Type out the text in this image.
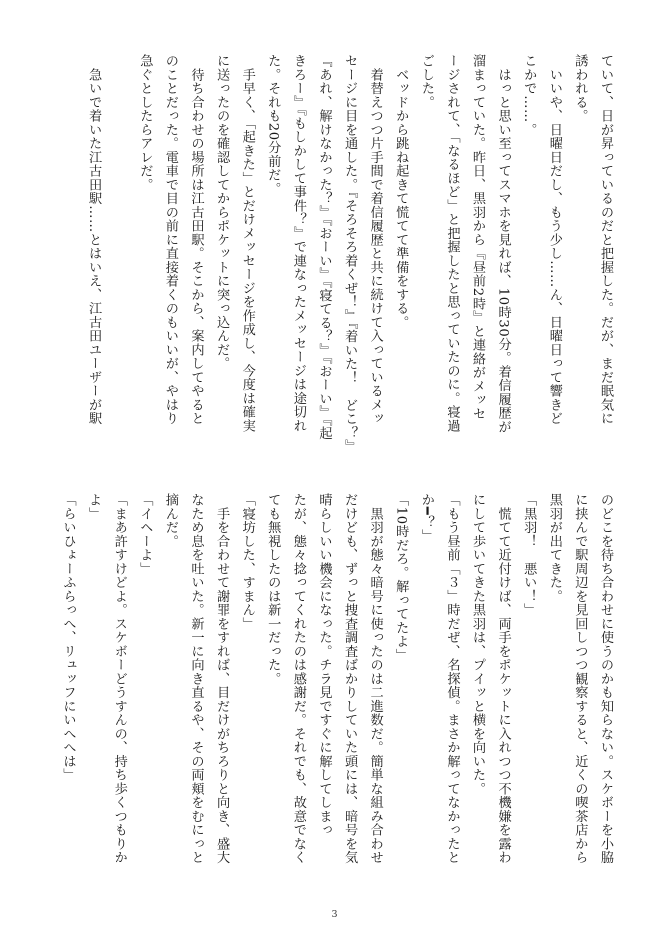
ていて、日が昇っているのだと把握した。だが、まだ眠気に
誘われる。
　いいや、日曜日だし、もう少し……ん、日曜日って響きど
こかで……。
　はっと思い至ってスマホを見れば、10時30分。着信履歴が
溜まっていた。昨日、黒羽から『昼前2時』と連絡がメッセ
ージされて、「なるほど」と把握したと思っていたのに。寝過
ごした。
　ベッドから跳ね起きて慌てて準備をする。
　着替えつつ片手間で着信履歴と共に続けて入っているメッ
セージに目を通した。『そろそろ着くぜ！』『着いた！　どこ？』
『あれ、解けなかった？』『おーい』『寝てる？』『おーい』『起
きろー』『もしかして事件？』で連なったメッセージは途切れ
た。それも20分前だ。
　手早く、「起きた」とだけメッセージを作成し、今度は確実
に送ったのを確認してからポケットに突っ込んだ。
　待ち合わせの場所は江古田駅。そこから、案内してやると
のことだった。電車で目の前に直接着くのもいいが、やはり
急ぐとしたらアレだ。

　急いで着いた江古田駅……とはいえ、江古田ユーザーが駅
のどこを待ち合わせに使うのかも知らない。スケボーを小脇
に挟んで駅周辺を見回しつつ観察すると、近くの喫茶店から
黒羽が出てきた。
「黒羽！　悪い！」
　慌てて近付けば、両手をポケットに入れつつ不機嫌を露わ
にして歩いてきた黒羽は、プイッと横を向いた。
「もう昼前「３」時だぜ、名探偵。まさか解ってなかったと
か━？」
「10時だろ。解ってたよ」
　黒羽が態々暗号に使ったのは二進数だ。簡単な組み合わせ
だけども、ずっと捜査調査ばかりしていた頭には、暗号を気
晴らしいい機会になった。チラ見ですぐに解してしまっ
たが、態々捻ってくれたのは感謝だ。それでも、故意でなく
ても無視したのは新一だった。
「寝坊した、すまん」
　手を合わせて謝罪をすれば、目だけがちろりと向き、盛大
なため息を吐いた。新一に向き直るや、その両頬をむにっと
摘んだ。
「イヘーよ」
「まあ許すけどよ。スケボーどうすんの、持ち歩くつもりか
よ」
「らいひょーふらっへ、リュッフにいへへは」
3
